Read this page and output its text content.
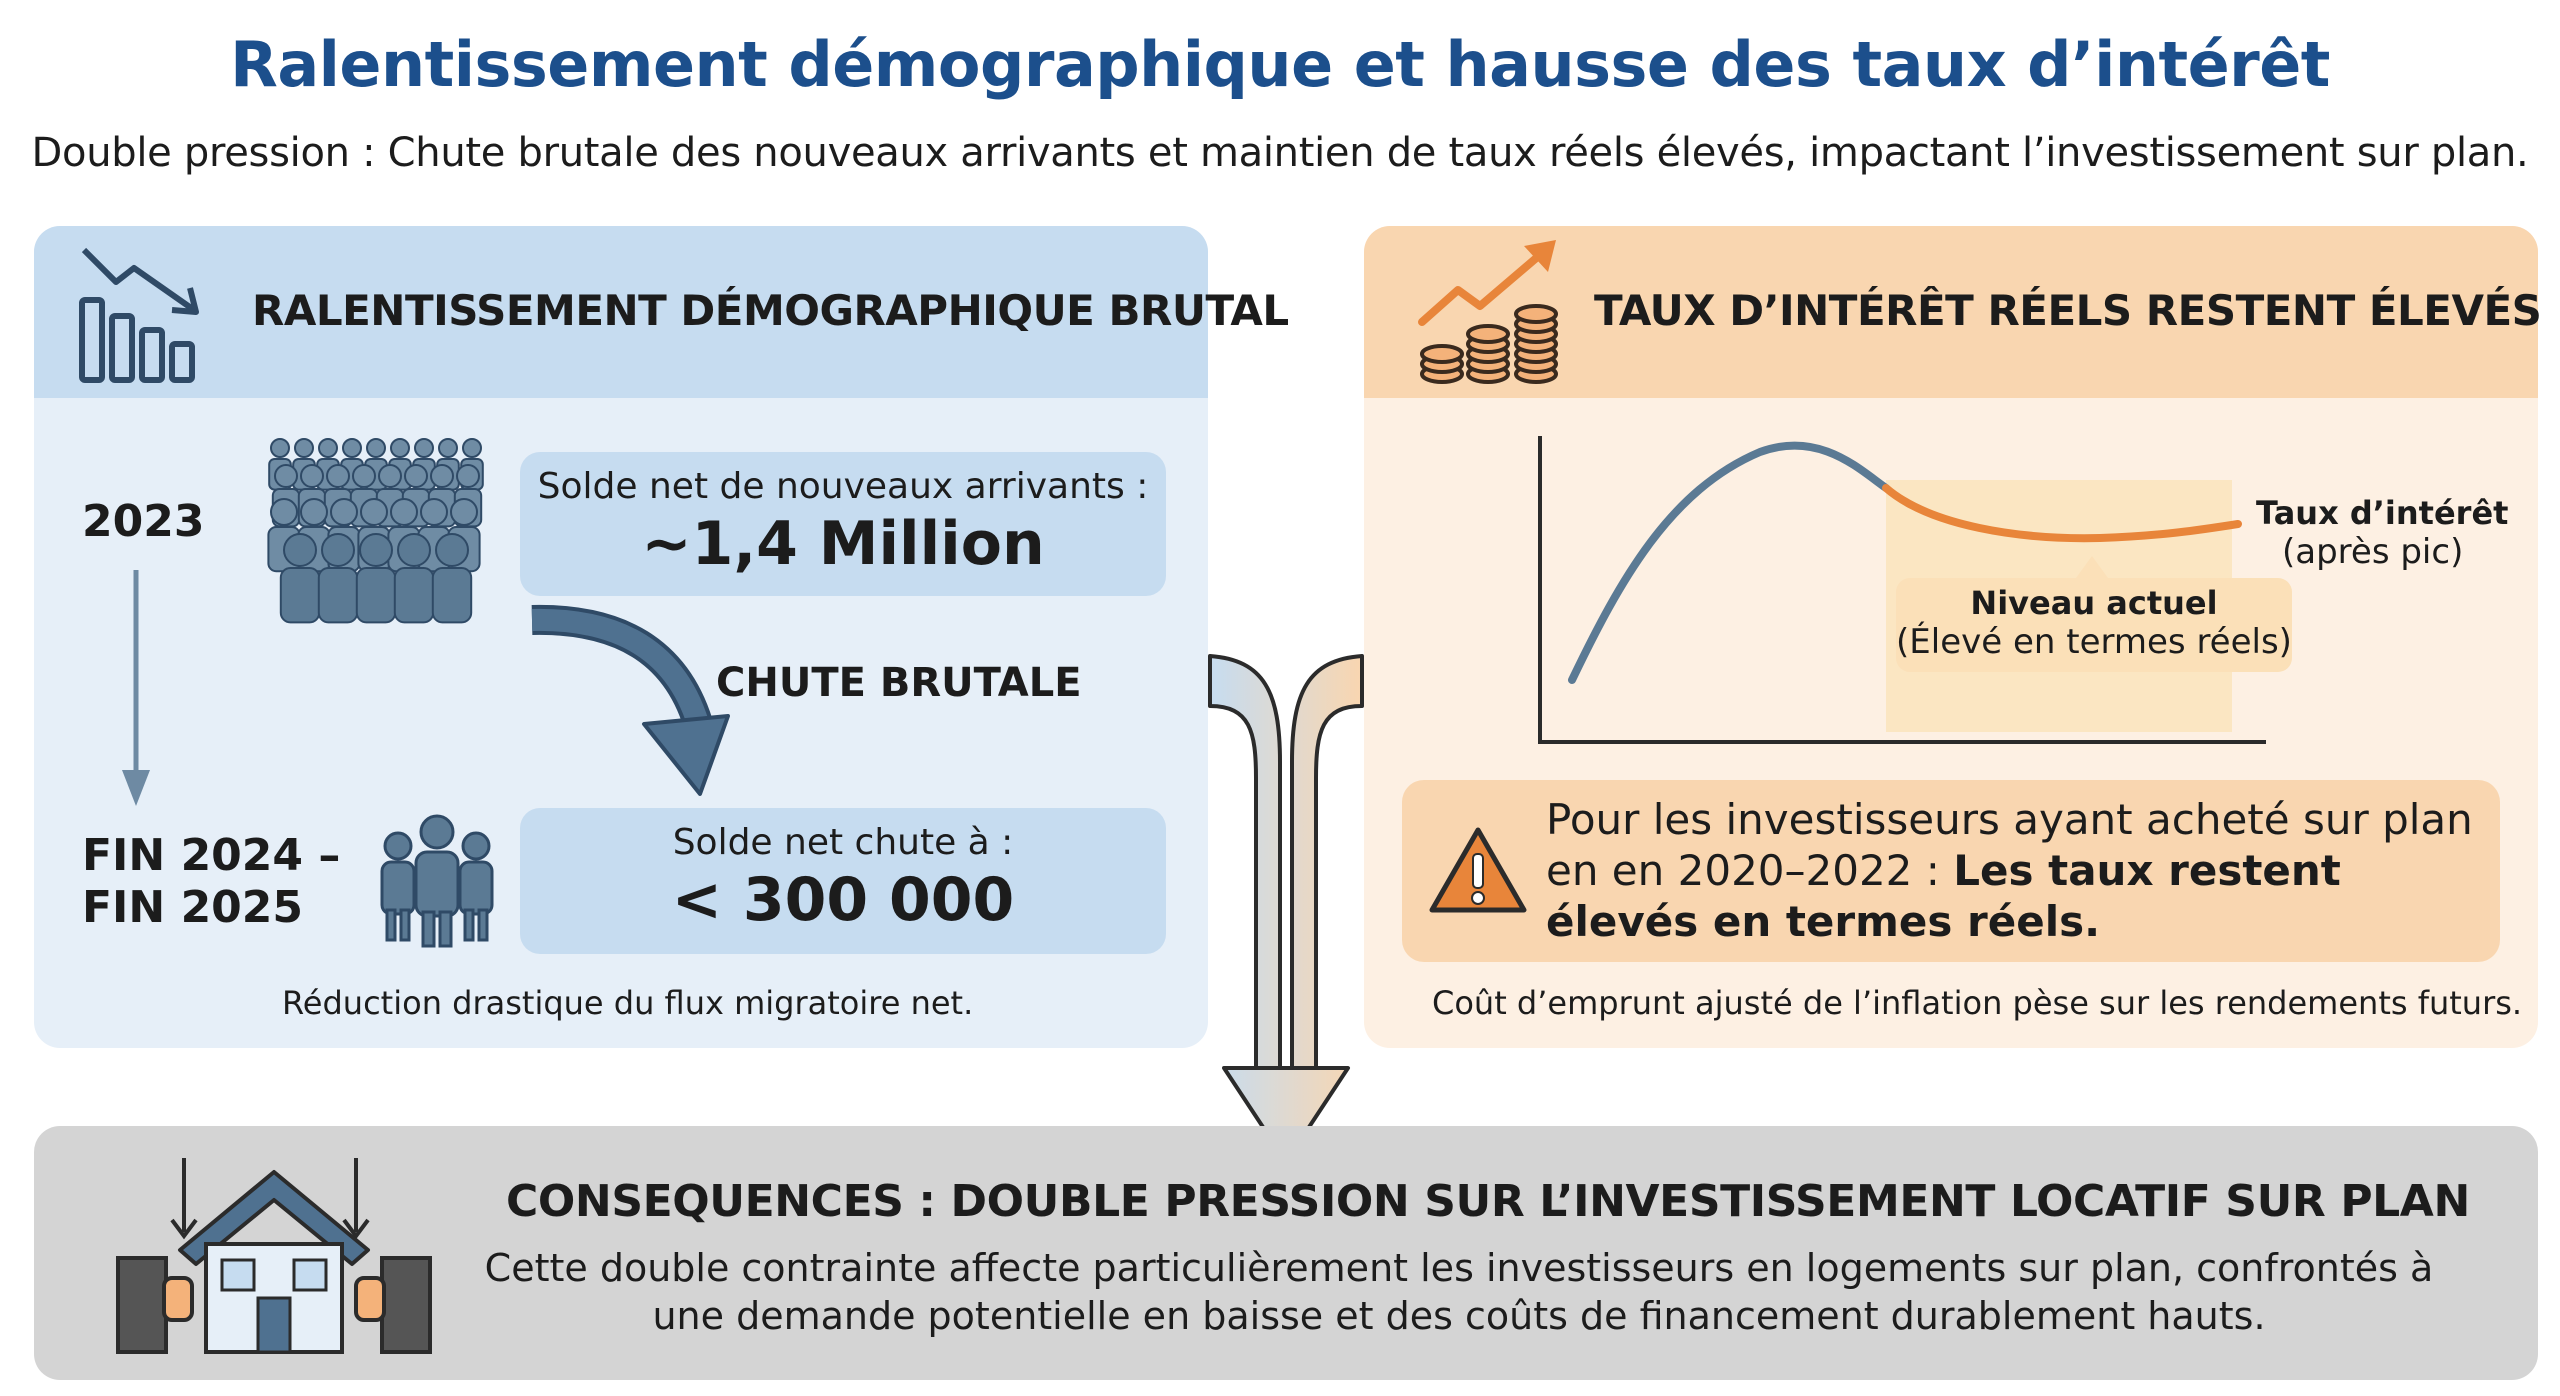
Ralentissement démographique et hausse des taux d’intérêt
Double pression : Chute brutale des nouveaux arrivants et maintien de taux réels élevés, impactant l’investissement sur plan.
RALENTISSEMENT DÉMOGRAPHIQUE BRUTAL
2023
FIN 2024 –
FIN 2025
Solde net de nouveaux arrivants :
~1,4 Million
CHUTE BRUTALE
Solde net chute à :
< 300 000
Réduction drastique du flux migratoire net.
TAUX D’INTÉRÊT RÉELS RESTENT ÉLEVÉS
Taux d’intérêt
(après pic)
Niveau actuel
(Élevé en termes réels)
Pour les investisseurs ayant acheté sur plan en en 2020–2022 : Les taux restent élevés en termes réels.
Coût d’emprunt ajusté de l’inflation pèse sur les rendements futurs.
CONSEQUENCES : DOUBLE PRESSION SUR L’INVESTISSEMENT LOCATIF SUR PLAN
Cette double contrainte affecte particulièrement les investisseurs en logements sur plan, confrontés à une demande potentielle en baisse et des coûts de financement durablement hauts.
